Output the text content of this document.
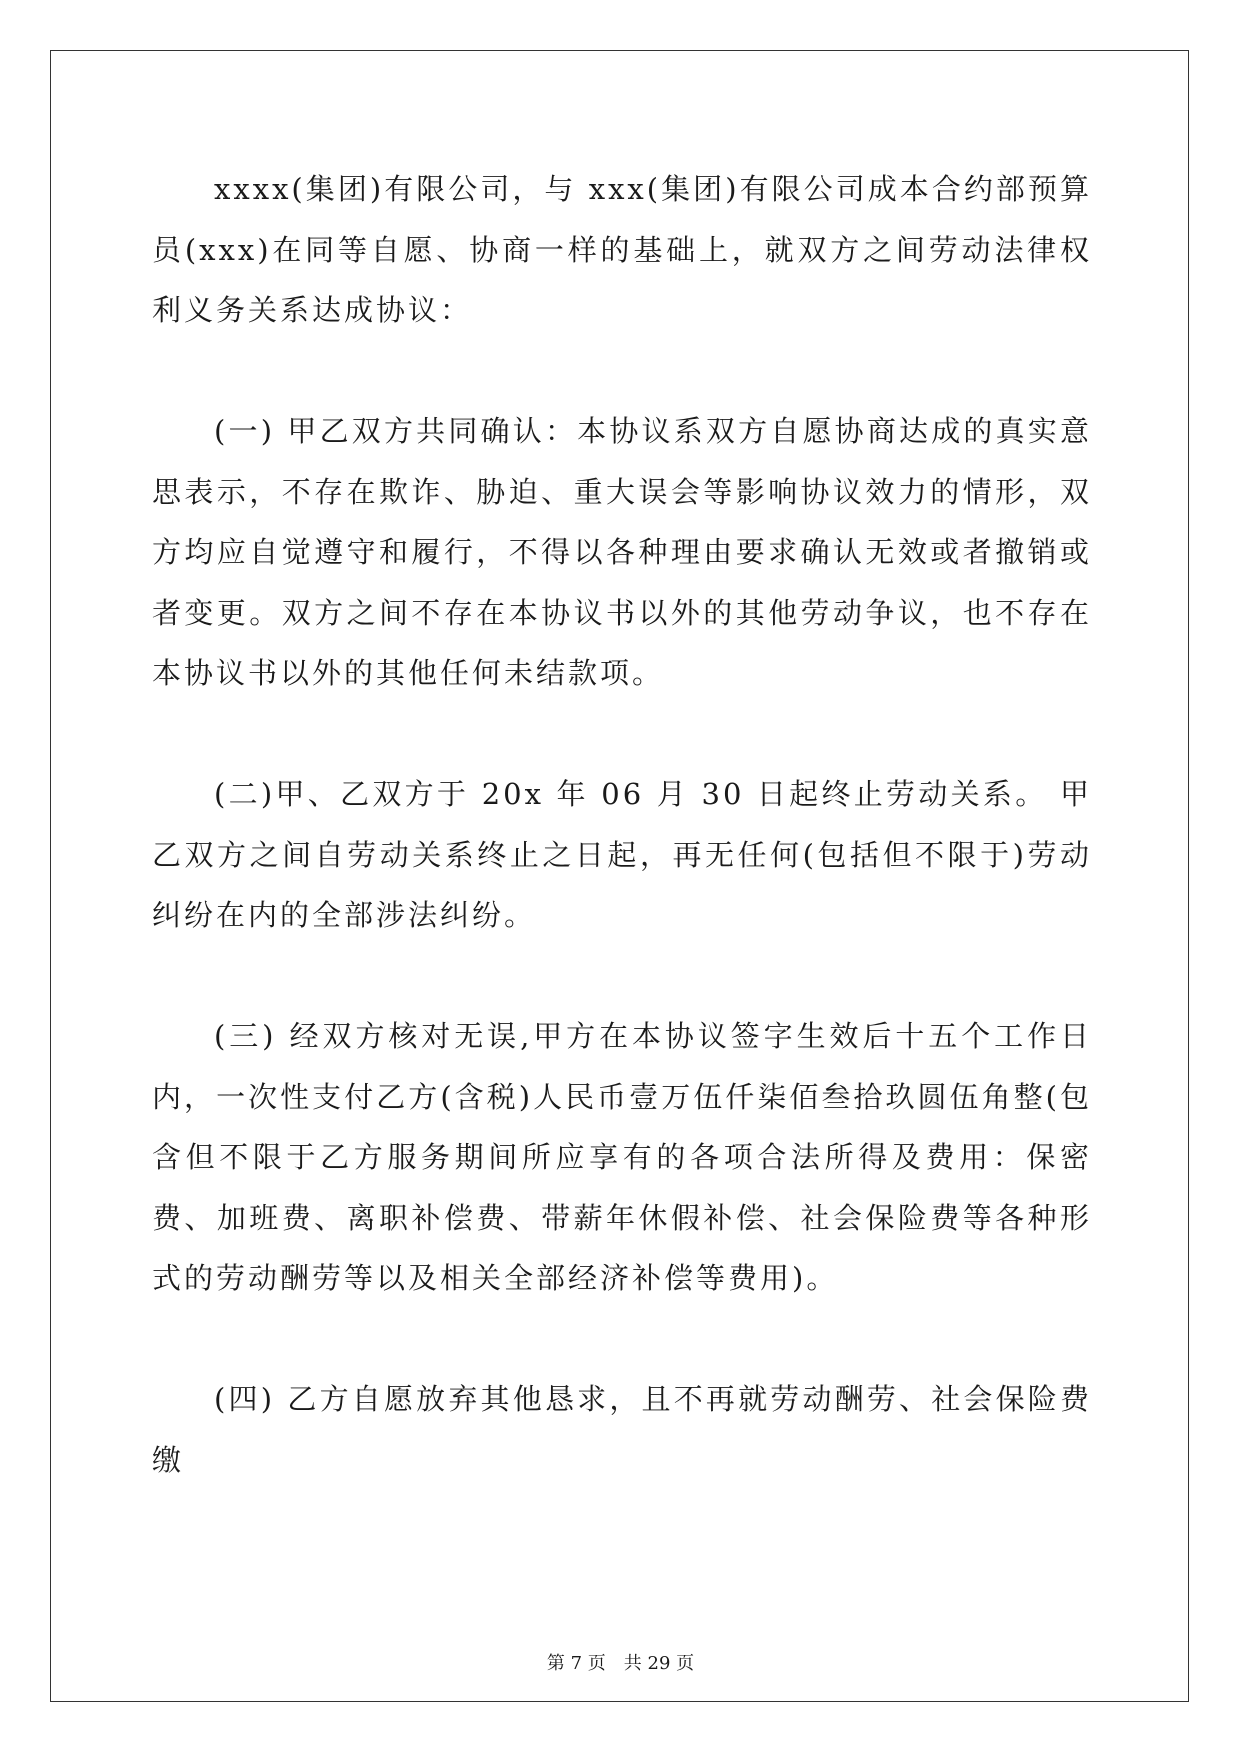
xxxx(集团)有限公司，与 xxx(集团)有限公司成本合约部预算员(xxx)在同等自愿、协商一样的基础上，就双方之间劳动法律权利义务关系达成协议：

(一) 甲乙双方共同确认：本协议系双方自愿协商达成的真实意思表示，不存在欺诈、胁迫、重大误会等影响协议效力的情形，双方均应自觉遵守和履行，不得以各种理由要求确认无效或者撤销或者变更。双方之间不存在本协议书以外的其他劳动争议，也不存在本协议书以外的其他任何未结款项。

(二)甲、乙双方于 20x 年 06 月 30 日起终止劳动关系。 甲乙双方之间自劳动关系终止之日起，再无任何(包括但不限于)劳动纠纷在内的全部涉法纠纷。

(三) 经双方核对无误,甲方在本协议签字生效后十五个工作日内，一次性支付乙方(含税)人民币壹万伍仟柒佰叁拾玖圆伍角整(包含但不限于乙方服务期间所应享有的各项合法所得及费用：保密费、加班费、离职补偿费、带薪年休假补偿、社会保险费等各种形式的劳动酬劳等以及相关全部经济补偿等费用)。

(四) 乙方自愿放弃其他恳求，且不再就劳动酬劳、社会保险费缴

第 7 页 共 29 页
